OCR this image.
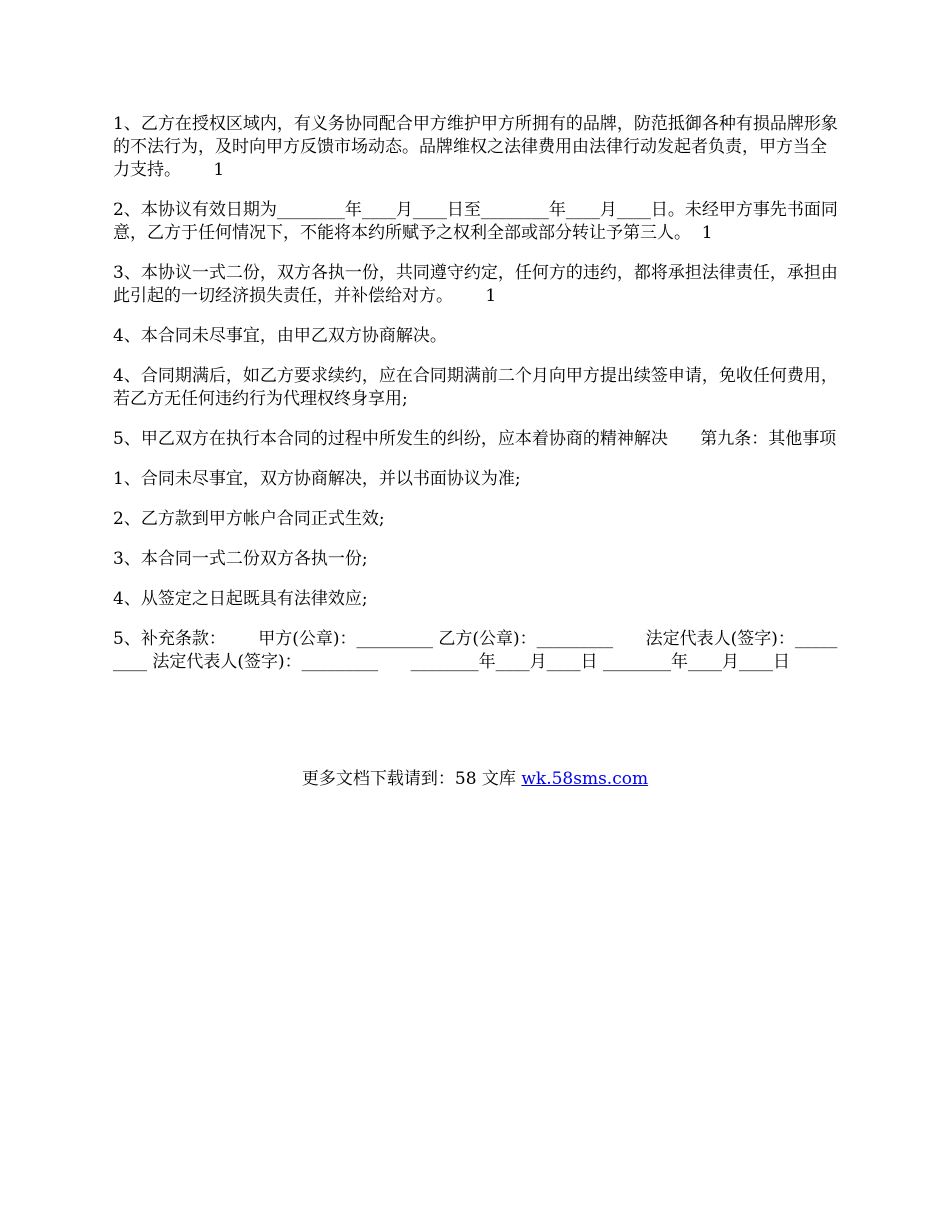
1、乙方在授权区域内，有义务协同配合甲方维护甲方所拥有的品牌，防范抵御各种有损品牌形象的不法行为，及时向甲方反馈市场动态。品牌维权之法律费用由法律行动发起者负责，甲方当全力支持。      1

2、本协议有效日期为________年____月____日至________年____月____日。未经甲方事先书面同意，乙方于任何情况下，不能将本约所赋予之权利全部或部分转让予第三人。  1

3、本协议一式二份，双方各执一份，共同遵守约定，任何方的违约，都将承担法律责任，承担由此引起的一切经济损失责任，并补偿给对方。      1

4、本合同未尽事宜，由甲乙双方协商解决。

4、合同期满后，如乙方要求续约，应在合同期满前二个月向甲方提出续签申请，免收任何费用，若乙方无任何违约行为代理权终身享用;

5、甲乙双方在执行本合同的过程中所发生的纠纷，应本着协商的精神解决      第九条：其他事项

1、合同未尽事宜，双方协商解决，并以书面协议为准;

2、乙方款到甲方帐户合同正式生效;

3、本合同一式二份双方各执一份;

4、从签定之日起既具有法律效应;

5、补充条款：      甲方(公章)：_________ 乙方(公章)：_________      法定代表人(签字)：_________ 法定代表人(签字)：_________      ________年____月____日 ________年____月____日

更多文档下载请到：58 文库 wk.58sms.com
